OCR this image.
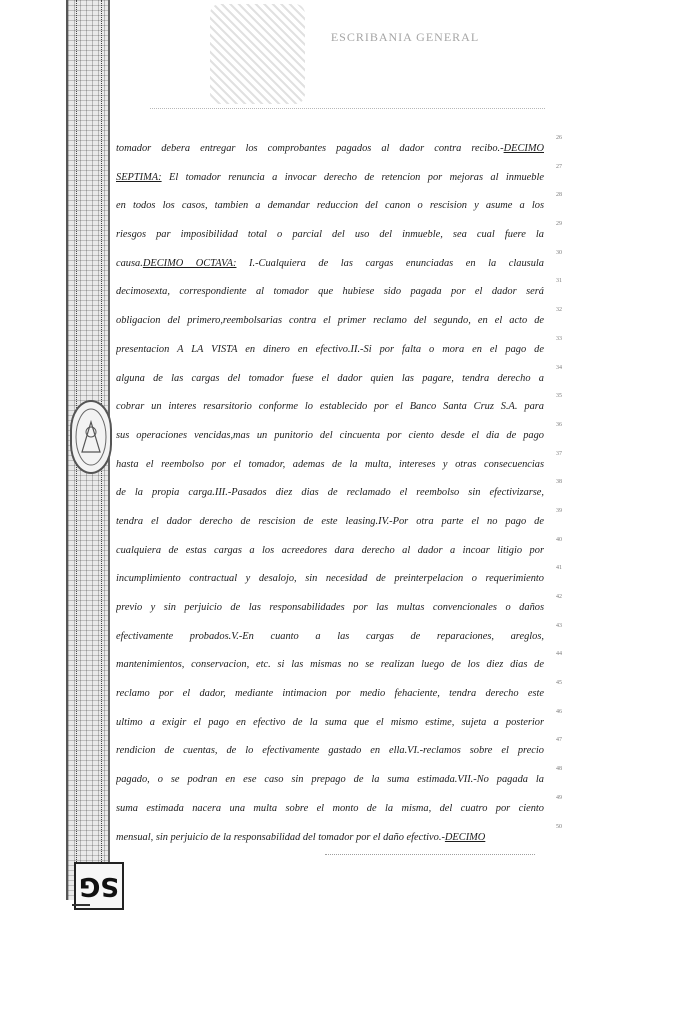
SG
ESCRIBANIA GENERAL
tomador debera entregar los comprobantes pagados al dador contra recibo.-DECIMO
SEPTIMA: El tomador renuncia a invocar derecho de retencion por mejoras al inmueble
en todos los casos, tambien a demandar reduccion del canon o rescision y asume a los
riesgos par imposibilidad total o parcial del uso del inmueble, sea cual fuere la
causa.DECIMO OCTAVA: I.-Cualquiera de las cargas enunciadas en la clausula
decimosexta, correspondiente al tomador que hubiese sido pagada por el dador será
obligacion del primero,reembolsarias contra el primer reclamo del segundo, en el acto de
presentacion A LA VISTA en dinero en efectivo.II.-Si por falta o mora en el pago de
alguna de las cargas del tomador fuese el dador quien las pagare, tendra derecho a
cobrar un interes resarsitorio conforme lo establecido por el Banco Santa Cruz S.A. para
sus operaciones vencidas,mas un punitorio del cincuenta por ciento desde el dia de pago
hasta el reembolso por el tomador, ademas de la multa, intereses y otras consecuencias
de la propia carga.III.-Pasados diez dias de reclamado el reembolso sin efectivizarse,
tendra el dador derecho de rescision de este leasing.IV.-Por otra parte el no pago de
cualquiera de estas cargas a los acreedores dara derecho al dador a incoar litigio por
incumplimiento contractual y desalojo, sin necesidad de preinterpelacion o requerimiento
previo y sin perjuicio de las responsabilidades por las multas convencionales o daños
efectivamente probados.V.-En cuanto a las cargas de reparaciones, areglos,
mantenimientos, conservacion, etc. si las mismas no se realizan luego de los diez dias de
reclamo por el dador, mediante intimacion por medio fehaciente, tendra derecho este
ultimo a exigir el pago en efectivo de la suma que el mismo estime, sujeta a posterior
rendicion de cuentas, de lo efectivamente gastado en ella.VI.-reclamos sobre el precio
pagado, o se podran en ese caso sin prepago de la suma estimada.VII.-No pagada la
suma estimada nacera una multa sobre el monto de la misma, del cuatro por ciento
mensual, sin perjuicio de la responsabilidad del tomador por el daño efectivo.-DECIMO
26
27
28
29
30
31
32
33
34
35
36
37
38
39
40
41
42
43
44
45
46
47
48
49
50
